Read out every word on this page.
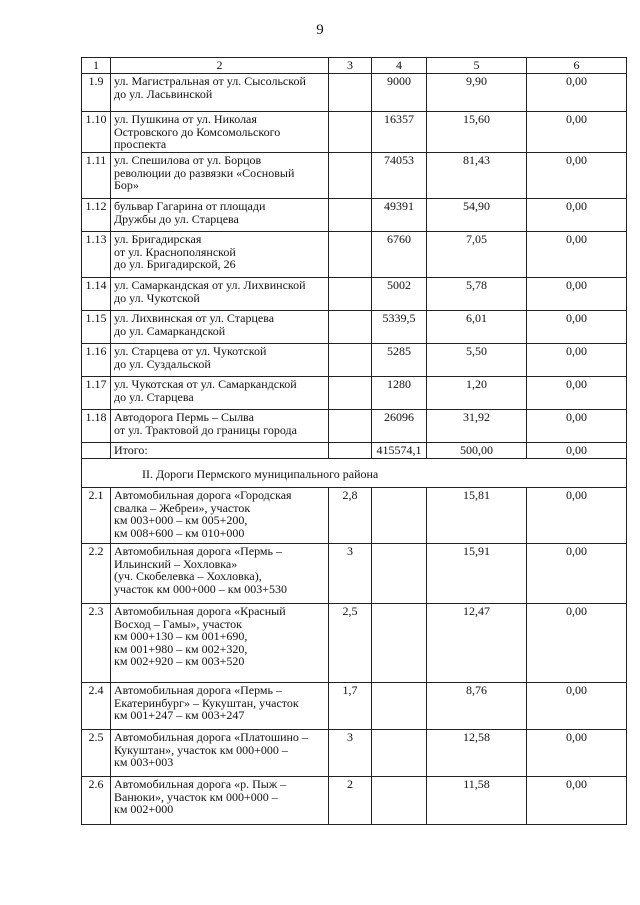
9
1	2	3	4	5	6
1.9	ул. Магистральная от ул. Сысольской
до ул. Ласьвинской		9000	9,90	0,00
1.10	ул. Пушкина от ул. Николая
Островского до Комсомольского
проспекта		16357	15,60	0,00
1.11	ул. Спешилова от ул. Борцов
революции до развязки «Сосновый
Бор»		74053	81,43	0,00
1.12	бульвар Гагарина от площади
Дружбы до ул. Старцева		49391	54,90	0,00
1.13	ул. Бригадирская
от ул. Краснополянской
до ул. Бригадирской, 26		6760	7,05	0,00
1.14	ул. Самаркандская от ул. Лихвинской
до ул. Чукотской		5002	5,78	0,00
1.15	ул. Лихвинская от ул. Старцева
до ул. Самаркандской		5339,5	6,01	0,00
1.16	ул. Старцева от ул. Чукотской
до ул. Суздальской		5285	5,50	0,00
1.17	ул. Чукотская от ул. Самаркандской
до ул. Старцева		1280	1,20	0,00
1.18	Автодорога Пермь – Сылва
от ул. Трактовой до границы города		26096	31,92	0,00
	Итого:		415574,1	500,00	0,00
II. Дороги Пермского муниципального района					
2.1	Автомобильная дорога «Городская
свалка – Жебреи», участок
км 003+000 – км 005+200,
км 008+600 – км 010+000	2,8		15,81	0,00
2.2	Автомобильная дорога «Пермь –
Ильинский – Хохловка»
(уч. Скобелевка – Хохловка),
участок км 000+000 – км 003+530	3		15,91	0,00
2.3	Автомобильная дорога «Красный
Восход – Гамы», участок
км 000+130 – км 001+690,
км 001+980 – км 002+320,
км 002+920 – км 003+520	2,5		12,47	0,00
2.4	Автомобильная дорога «Пермь –
Екатеринбург» – Кукуштан, участок
км 001+247 – км 003+247	1,7		8,76	0,00
2.5	Автомобильная дорога «Платошино –
Кукуштан», участок км 000+000 –
км 003+003	3		12,58	0,00
2.6	Автомобильная дорога «р. Пыж –
Ванюки», участок км 000+000 –
км 002+000	2		11,58	0,00
